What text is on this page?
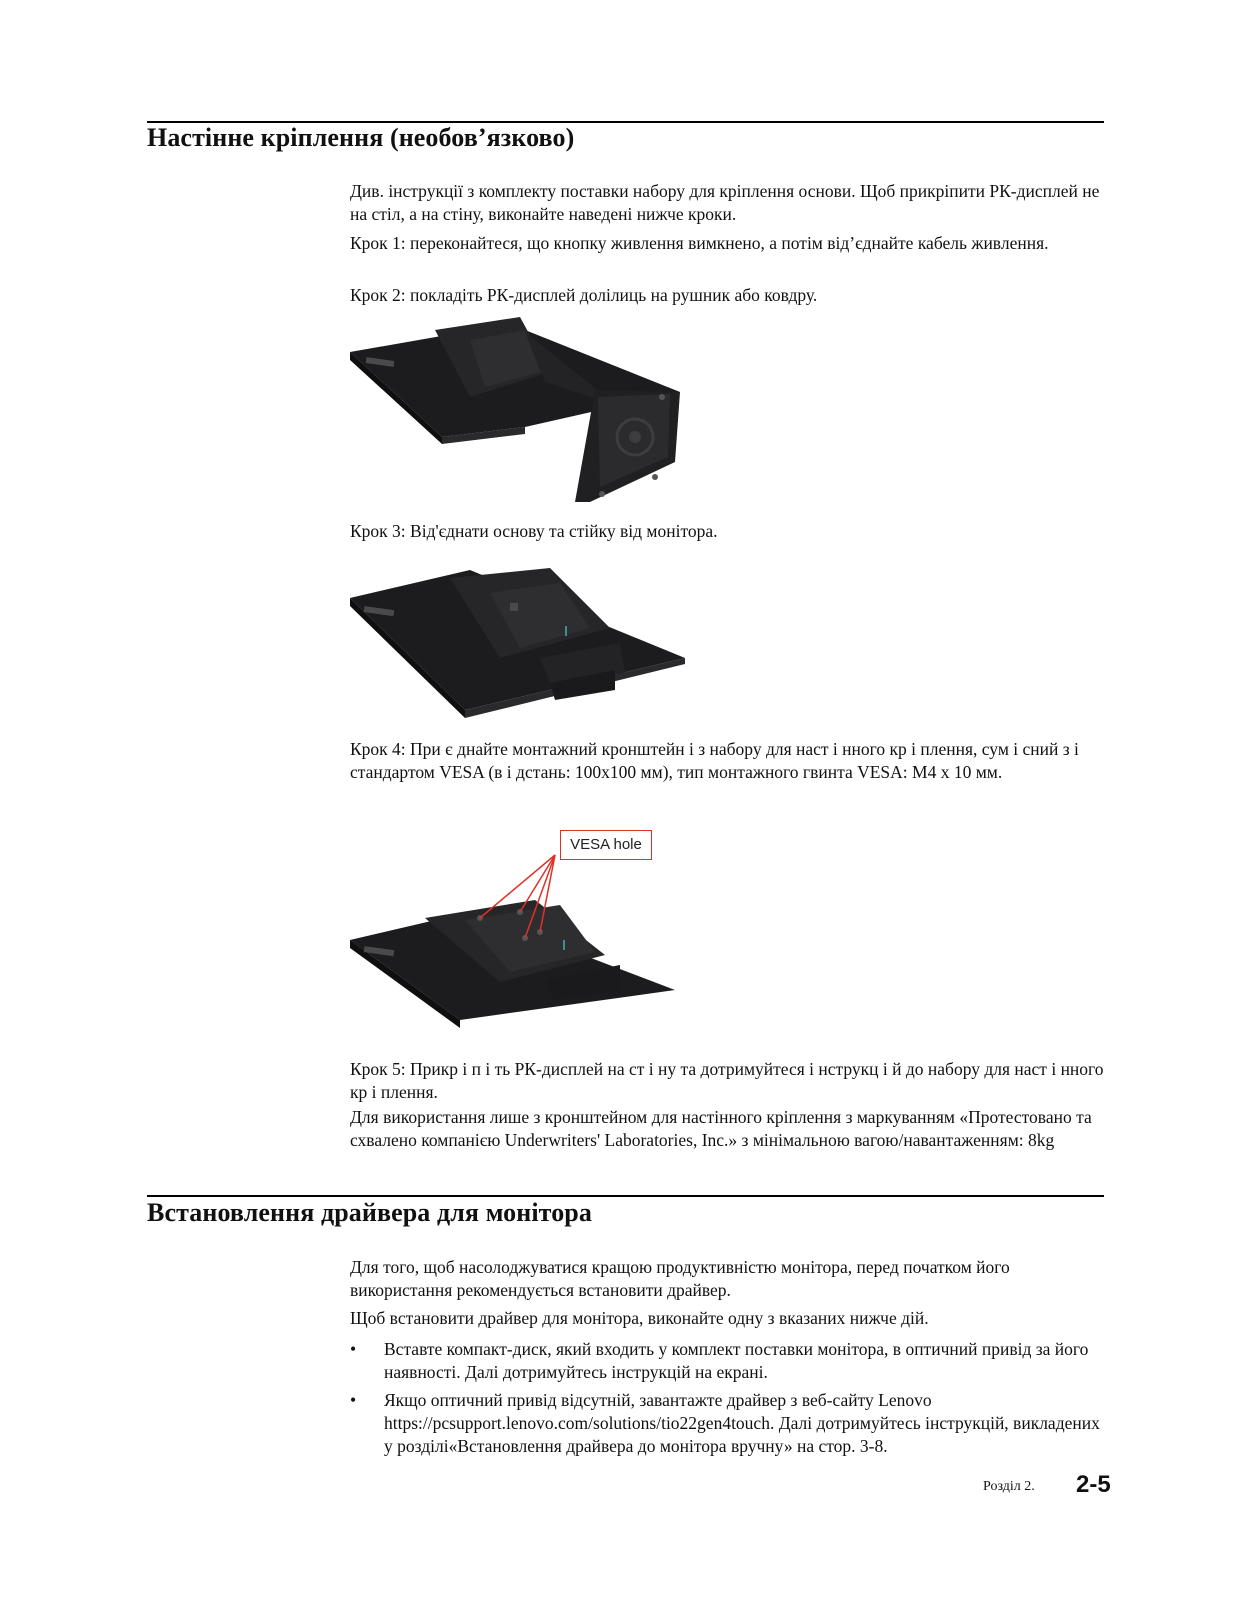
Настінне кріплення (необов’язково)

Див. інструкції з комплекту поставки набору для кріплення основи. Щоб прикріпити РК-дисплей не на стіл, а на стіну, виконайте наведені нижче кроки.

Крок 1: переконайтеся, що кнопку живлення вимкнено, а потім від’єднайте кабель живлення.

Крок 2: покладіть РК-дисплей долілиць на рушник або ковдру.

Крок 3: Від'єднати основу та стійку від монітора.

Крок 4: При є днайте монтажний кронштейн і з набору для наст і нного кр і плення, сум і сний з і стандартом VESA (в і дстань: 100x100 мм), тип монтажного гвинта VESA: M4 x 10 мм.

VESA hole

Крок 5: Прикр і п і ть РК-дисплей на ст і ну та дотримуйтеся і нструкц і й до набору для наст і нного кр і плення.

Для використання лише з кронштейном для настінного кріплення з маркуванням «Протестовано та схвалено компанією Underwriters' Laboratories, Inc.» з мінімальною вагою/навантаженням: 8kg

Встановлення драйвера для монітора

Для того, щоб насолоджуватися кращою продуктивністю монітора, перед початком його використання рекомендується встановити драйвер.

Щоб встановити драйвер для монітора, виконайте одну з вказаних нижче дій.

• Вставте компакт-диск, який входить у комплект поставки монітора, в оптичний привід за його наявності. Далі дотримуйтесь інструкцій на екрані.

• Якщо оптичний привід відсутній, завантажте драйвер з веб-сайту Lenovo https://pcsupport.lenovo.com/solutions/tio22gen4touch. Далі дотримуйтесь інструкцій, викладених у розділі«Встановлення драйвера до монітора вручну» на стор. 3-8.

Розділ 2. 2-5
